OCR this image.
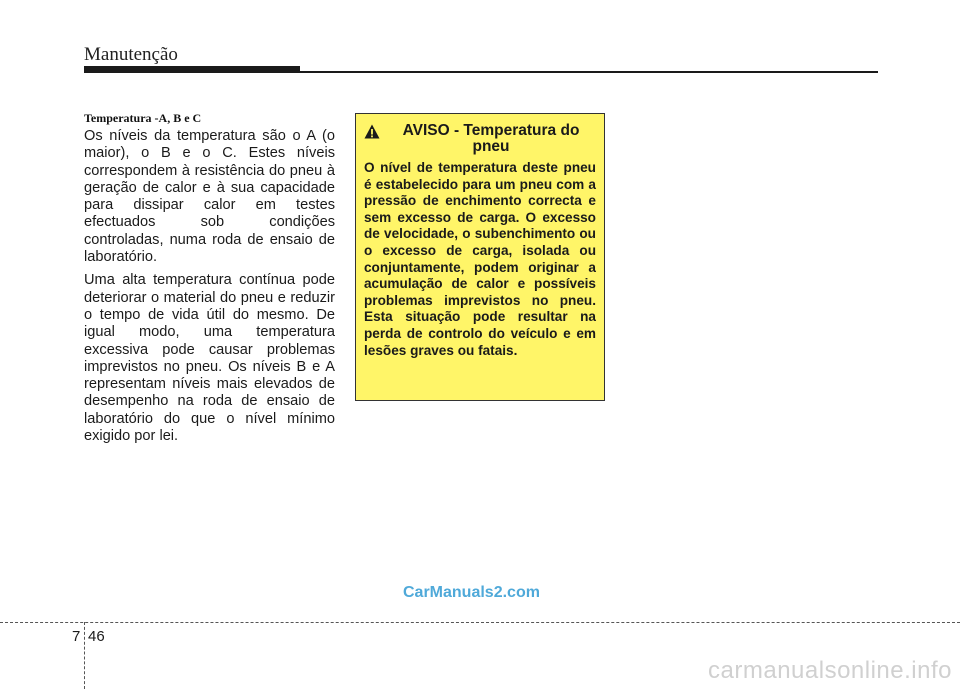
Manutenção
Temperatura -A, B e C

Os níveis da temperatura são o A (o maior), o B e o C. Estes níveis correspondem à resistência do pneu à geração de calor e à sua capacidade para dissipar calor em testes efectuados sob condições controladas, numa roda de ensaio de laboratório.

Uma alta temperatura contínua pode deteriorar o material do pneu e reduzir o tempo de vida útil do mesmo. De igual modo, uma temperatura excessiva pode causar problemas imprevistos no pneu. Os níveis B e A representam níveis mais elevados de desempenho na roda de ensaio de laboratório do que o nível mínimo exigido por lei.

AVISO - Temperatura do pneu

O nível de temperatura deste pneu é estabelecido para um pneu com a pressão de enchimento correcta e sem excesso de carga. O excesso de velocidade, o subenchimento ou o excesso de carga, isolada ou conjuntamente, podem originar a acumulação de calor e possíveis problemas imprevistos no pneu. Esta situação pode resultar na perda de controlo do veículo e em lesões graves ou fatais.

CarManuals2.com
7 46
carmanualsonline.info
